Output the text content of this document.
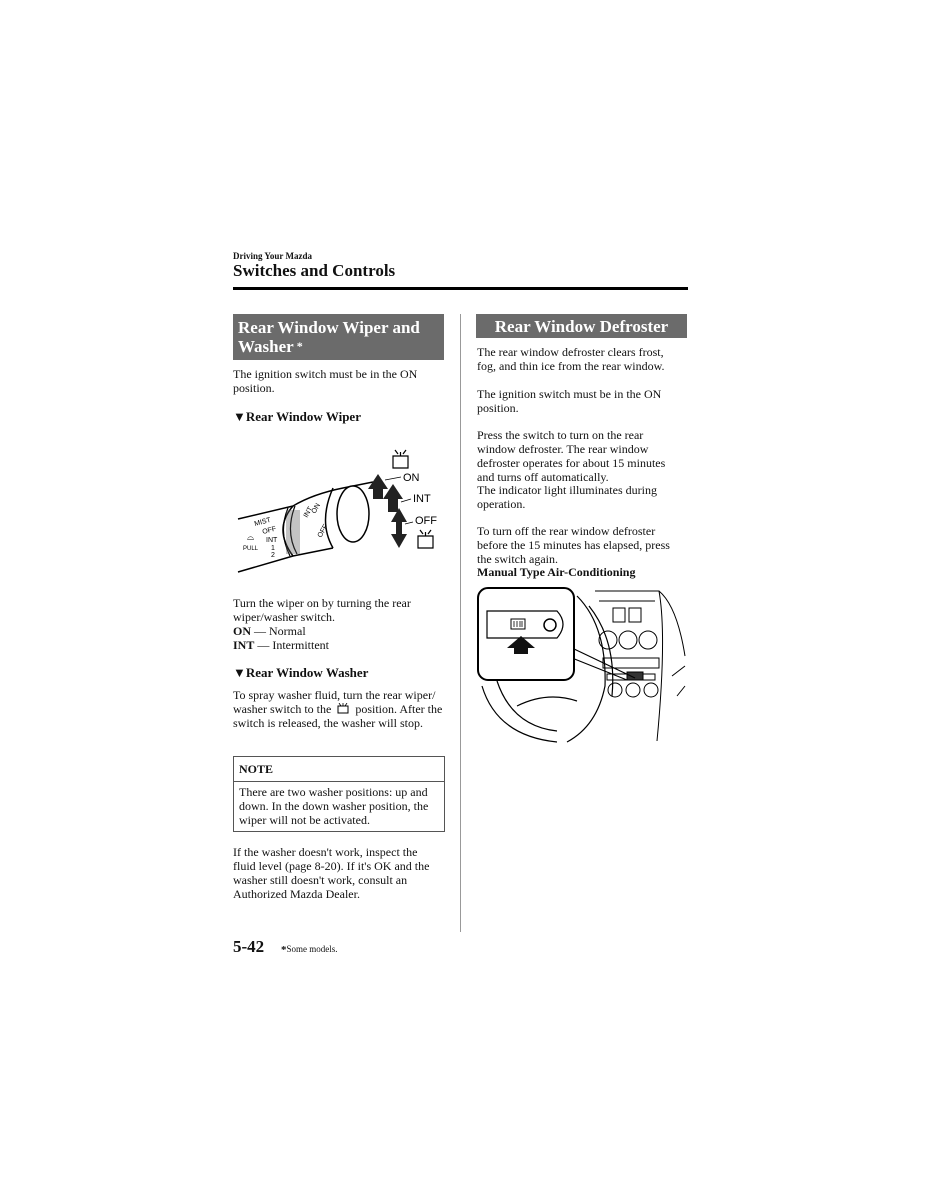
Driving Your Mazda
Switches and Controls
Rear Window Wiper and
Washer *
The ignition switch must be in the ON position.
▼Rear Window Wiper
MIST
OFF
INT
1
2
PULL
⌓
INT
ON
OFF
ON
INT
OFF
Turn the wiper on by turning the rear wiper/washer switch.
ON — Normal
INT — Intermittent
▼Rear Window Washer
To spray washer fluid, turn the rear wiper/ washer switch to the position. After the switch is released, the washer will stop.
NOTE
There are two washer positions: up and down. In the down washer position, the wiper will not be activated.
If the washer doesn't work, inspect the fluid level (page 8-20). If it's OK and the washer still doesn't work, consult an Authorized Mazda Dealer.
Rear Window Defroster
The rear window defroster clears frost, fog, and thin ice from the rear window.
The ignition switch must be in the ON position.
Press the switch to turn on the rear window defroster. The rear window defroster operates for about 15 minutes and turns off automatically.
The indicator light illuminates during operation.
To turn off the rear window defroster before the 15 minutes has elapsed, press the switch again.
Manual Type Air-Conditioning
5-42 *Some models.
